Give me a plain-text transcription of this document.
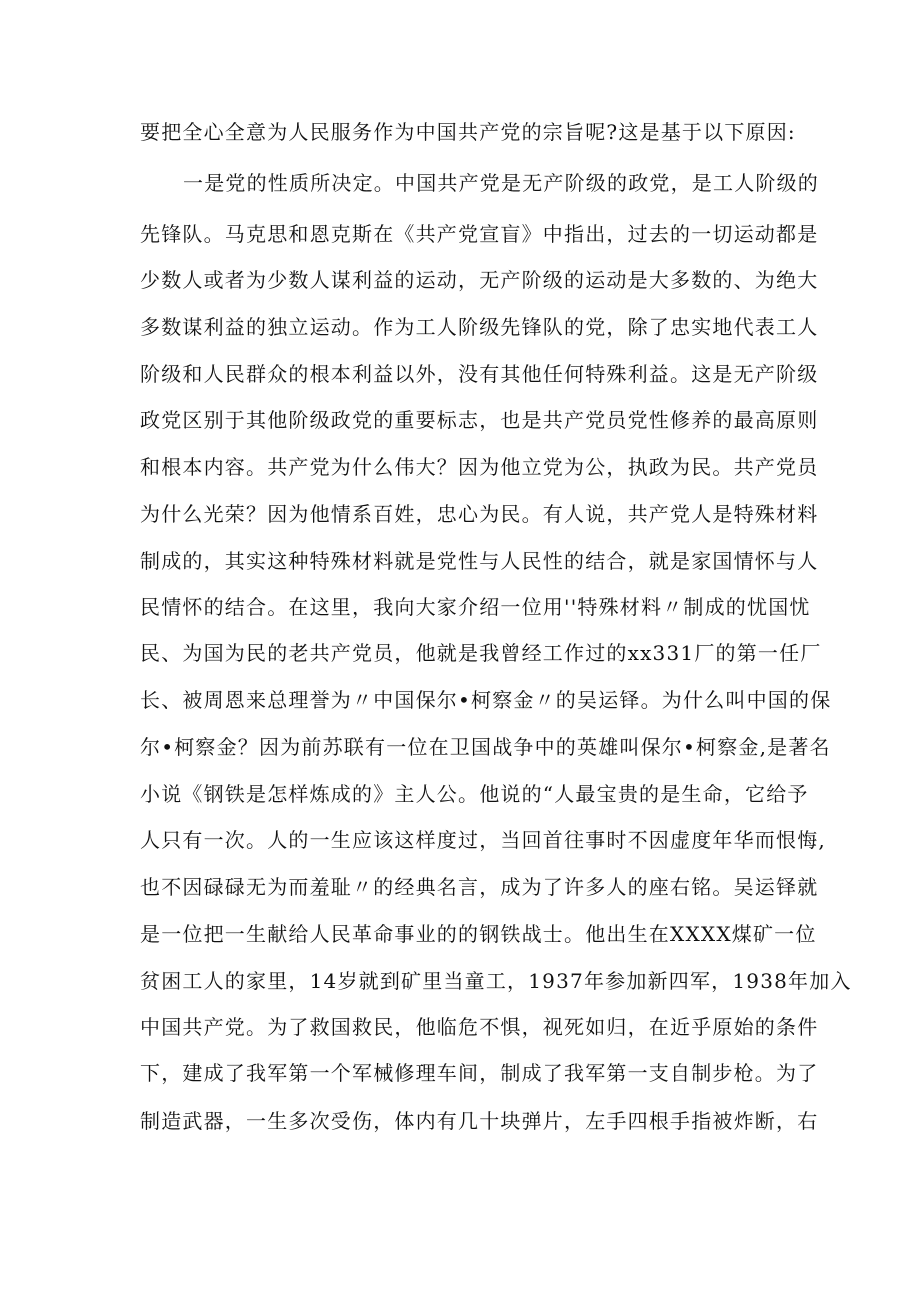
要把全心全意为人民服务作为中国共产党的宗旨呢?这是基于以下原因:
一是党的性质所决定。中国共产党是无产阶级的政党，是工人阶级的
先锋队。马克思和恩克斯在《共产党宣盲》中指出，过去的一切运动都是
少数人或者为少数人谋利益的运动，无产阶级的运动是大多数的、为绝大
多数谋利益的独立运动。作为工人阶级先锋队的党，除了忠实地代表工人
阶级和人民群众的根本利益以外，没有其他任何特殊利益。这是无产阶级
政党区别于其他阶级政党的重要标志，也是共产党员党性修养的最高原则
和根本内容。共产党为什么伟大？因为他立党为公，执政为民。共产党员
为什么光荣？因为他情系百姓，忠心为民。有人说，共产党人是特殊材料
制成的，其实这种特殊材料就是党性与人民性的结合，就是家国情怀与人
民情怀的结合。在这里，我向大家介绍一位用''特殊材料〃制成的忧国忧
民、为国为民的老共产党员，他就是我曾经工作过的xx331厂的第一任厂
长、被周恩来总理誉为〃中国保尔•柯察金〃的吴运铎。为什么叫中国的保
尔•柯察金？因为前苏联有一位在卫国战争中的英雄叫保尔•柯察金,是著名
小说《钢铁是怎样炼成的》主人公。他说的“人最宝贵的是生命，它给予
人只有一次。人的一生应该这样度过，当回首往事时不因虚度年华而恨悔,
也不因碌碌无为而羞耻〃的经典名言，成为了许多人的座右铭。吴运铎就
是一位把一生献给人民革命事业的的钢铁战士。他出生在XXXX煤矿一位
贫困工人的家里，14岁就到矿里当童工，1937年参加新四军，1938年加入
中国共产党。为了救国救民，他临危不惧，视死如归，在近乎原始的条件
下，建成了我军第一个军械修理车间，制成了我军第一支自制步枪。为了
制造武器，一生多次受伤，体内有几十块弹片，左手四根手指被炸断，右
